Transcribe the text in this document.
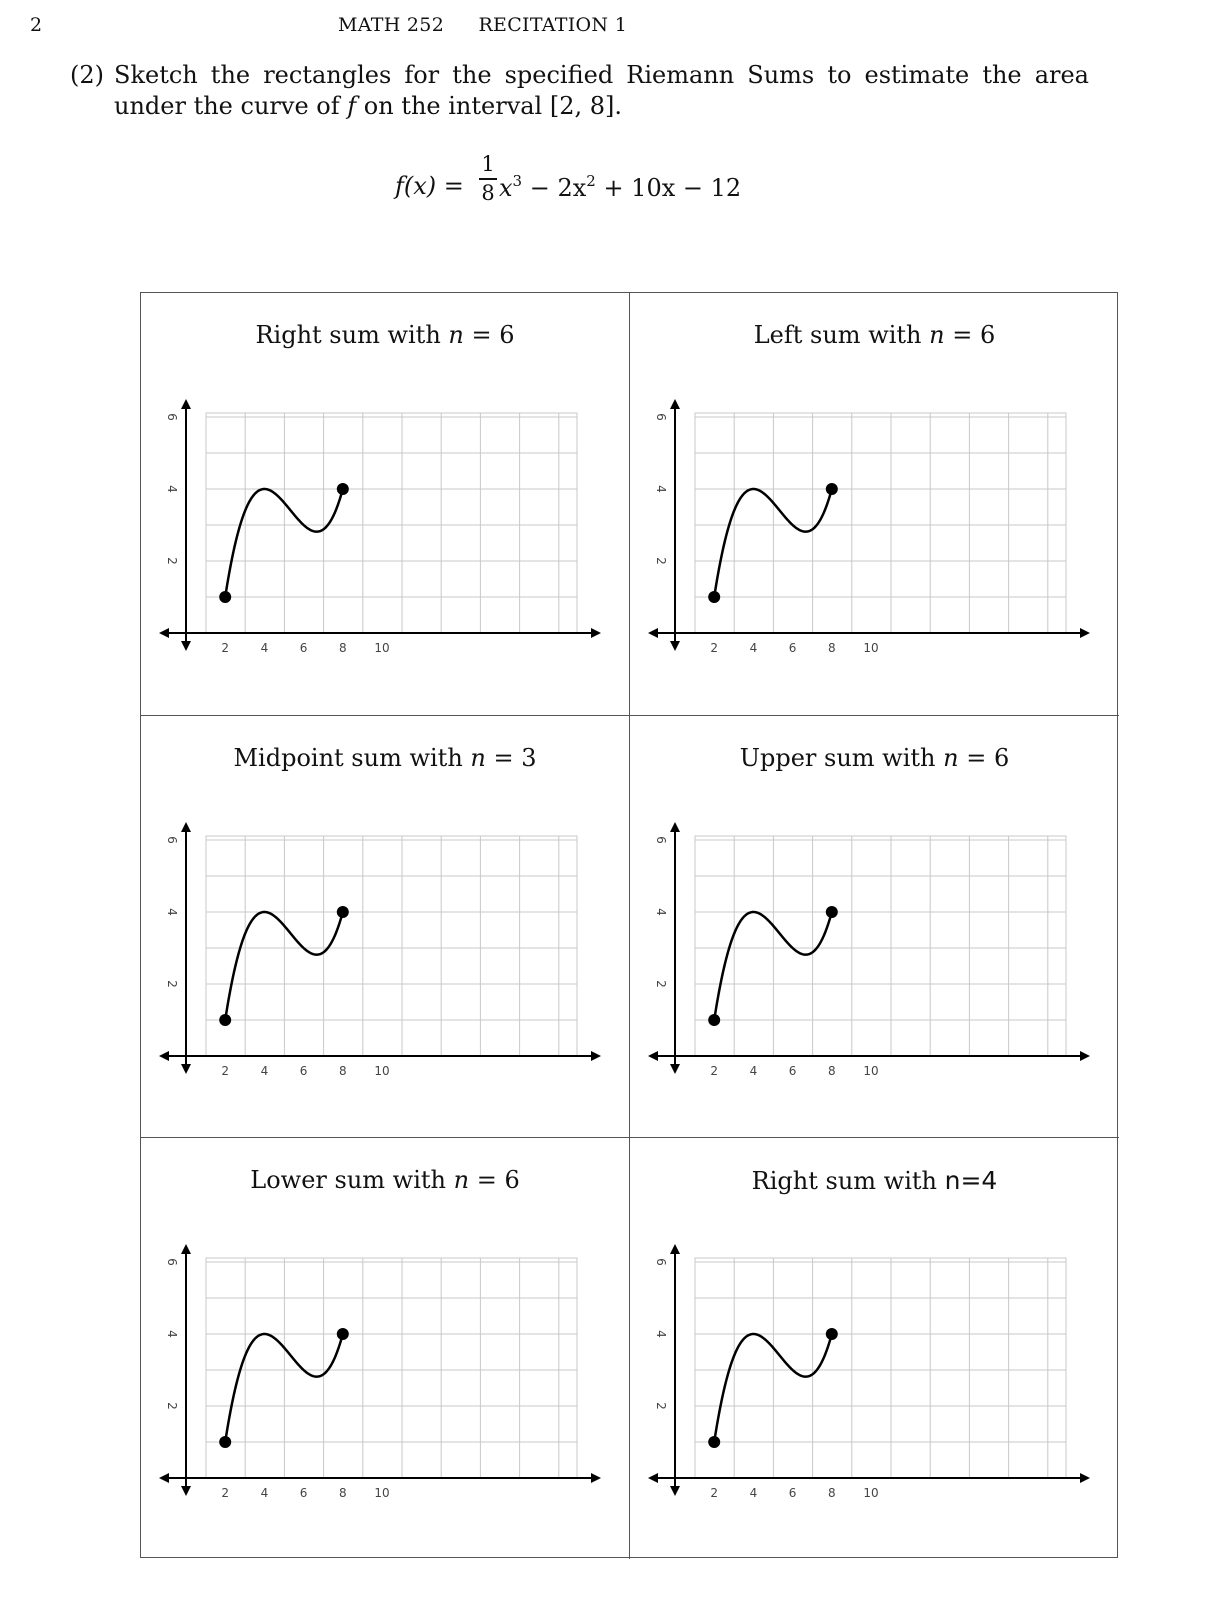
2	MATH 252 RECITATION 1
(2) Sketch the rectangles for the specified Riemann Sums to estimate the area under the curve of f on the interval [2, 8].
f(x) =
1
8 $x^3 - 2x^2 + 10x - 12$
Right sum with n = 6
2	4	6	8 10
2
4
6
Left sum with n = 6
2	4	6	8 10
2
4
6
Midpoint sum with n = 3
2	4	6	8 10
2
4
6
Upper sum with n = 6
2	4	6	8 10
2
4
6
Lower sum with n = 6
2	4	6	8 10
2
4
6
Right sum with n=4
2	4	6	8 10
2
4
6
